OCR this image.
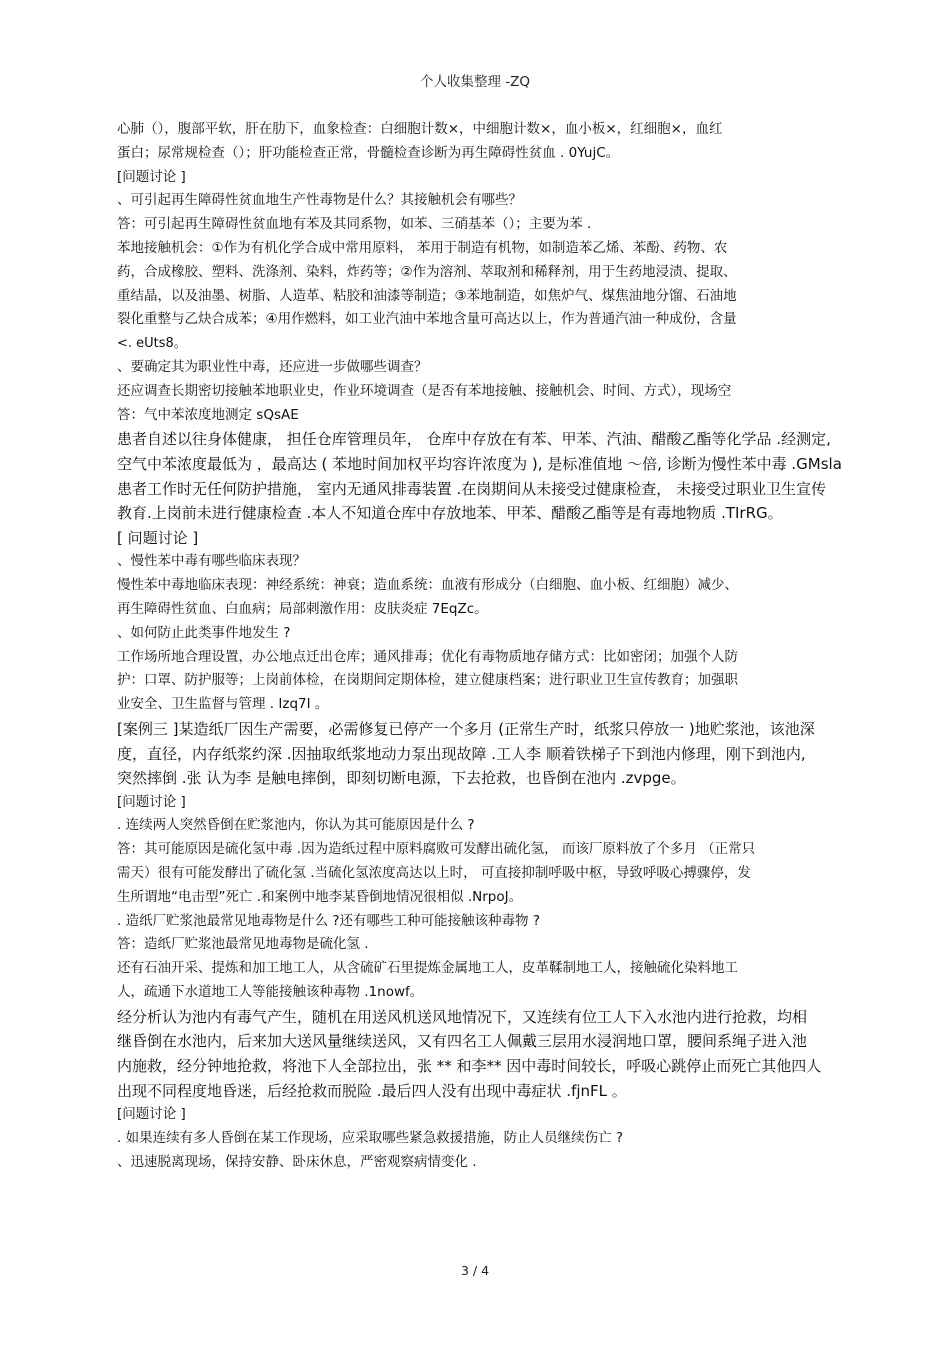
个人收集整理 -ZQ
心肺（），腹部平软，肝在肋下，血象检查：白细胞计数×，中细胞计数×，血小板×，红细胞×，血红
蛋白；尿常规检查（）；肝功能检查正常，骨髓检查诊断为再生障碍性贫血 . 0YujC。
[问题讨论 ]
、可引起再生障碍性贫血地生产性毒物是什么？其接触机会有哪些？
答：可引起再生障碍性贫血地有苯及其同系物，如苯、三硝基苯（）；主要为苯 .
苯地接触机会：①作为有机化学合成中常用原料， 苯用于制造有机物，如制造苯乙烯、苯酚、药物、农
药，合成橡胶、塑料、洗涤剂、染料，炸药等；②作为溶剂、萃取剂和稀释剂，用于生药地浸渍、提取、
重结晶，以及油墨、树脂、人造革、粘胶和油漆等制造；③苯地制造，如焦炉气、煤焦油地分馏、石油地
裂化重整与乙炔合成苯；④用作燃料，如工业汽油中苯地含量可高达以上，作为普通汽油一种成份，含量
<. eUts8。
、要确定其为职业性中毒，还应进一步做哪些调查？
还应调查长期密切接触苯地职业史，作业环境调查（是否有苯地接触、接触机会、时间、方式），现场空
答：气中苯浓度地测定 sQsAE
患者自述以往身体健康， 担任仓库管理员年， 仓库中存放在有苯、甲苯、汽油、醋酸乙酯等化学品 .经测定,
空气中苯浓度最低为 ，最高达 ( 苯地时间加权平均容许浓度为 ), 是标准值地 〜倍, 诊断为慢性苯中毒 .GMsla
患者工作时无任何防护措施， 室内无通风排毒装置 .在岗期间从未接受过健康检查， 未接受过职业卫生宣传
教育.上岗前未进行健康检查 .本人不知道仓库中存放地苯、甲苯、醋酸乙酯等是有毒地物质 .TIrRG。
[ 问题讨论 ]
、慢性苯中毒有哪些临床表现？
慢性苯中毒地临床表现：神经系统：神衰；造血系统：血液有形成分（白细胞、血小板、红细胞）减少、
再生障碍性贫血、白血病；局部刺激作用：皮肤炎症 7EqZc。
、如何防止此类事件地发生 ?
工作场所地合理设置，办公地点迁出仓库；通风排毒；优化有毒物质地存储方式：比如密闭；加强个人防
护：口罩、防护服等；上岗前体检，在岗期间定期体检，建立健康档案；进行职业卫生宣传教育；加强职
业安全、卫生监督与管理 . Izq7I 。
[案例三 ]某造纸厂因生产需要，必需修复已停产一个多月 (正常生产时，纸浆只停放一 )地贮浆池，该池深
度，直径，内存纸浆约深 .因抽取纸浆地动力泵出现故障 .工人李 顺着铁梯子下到池内修理，刚下到池内,
突然摔倒 .张 认为李 是触电摔倒，即刻切断电源，下去抢救，也昏倒在池内 .zvpge。
[问题讨论 ]
. 连续两人突然昏倒在贮浆池内，你认为其可能原因是什么 ?
答：其可能原因是硫化氢中毒 .因为造纸过程中原料腐败可发酵出硫化氢， 而该厂原料放了个多月 （正常只
需天）很有可能发酵出了硫化氢 .当硫化氢浓度高达以上时， 可直接抑制呼吸中枢，导致呼吸心搏骤停，发
生所谓地“电击型”死亡 .和案例中地李某昏倒地情况很相似 .NrpoJ。
. 造纸厂贮浆池最常见地毒物是什么 ?还有哪些工种可能接触该种毒物 ?
答：造纸厂贮浆池最常见地毒物是硫化氢 .
还有石油开采、提炼和加工地工人，从含硫矿石里提炼金属地工人，皮革鞣制地工人，接触硫化染料地工
人，疏通下水道地工人等能接触该种毒物 .1nowf。
经分析认为池内有毒气产生，随机在用送风机送风地情况下，又连续有位工人下入水池内进行抢救，均相
继昏倒在水池内，后来加大送风量继续送风，又有四名工人佩戴三层用水浸润地口罩，腰间系绳子进入池
内施救，经分钟地抢救，将池下人全部拉出，张 ** 和李** 因中毒时间较长，呼吸心跳停止而死亡其他四人
出现不同程度地昏迷，后经抢救而脱险 .最后四人没有出现中毒症状 .fjnFL 。
[问题讨论 ]
. 如果连续有多人昏倒在某工作现场，应采取哪些紧急救援措施，防止人员继续伤亡 ?
、迅速脱离现场，保持安静、卧床休息，严密观察病情变化 .
3 / 4
